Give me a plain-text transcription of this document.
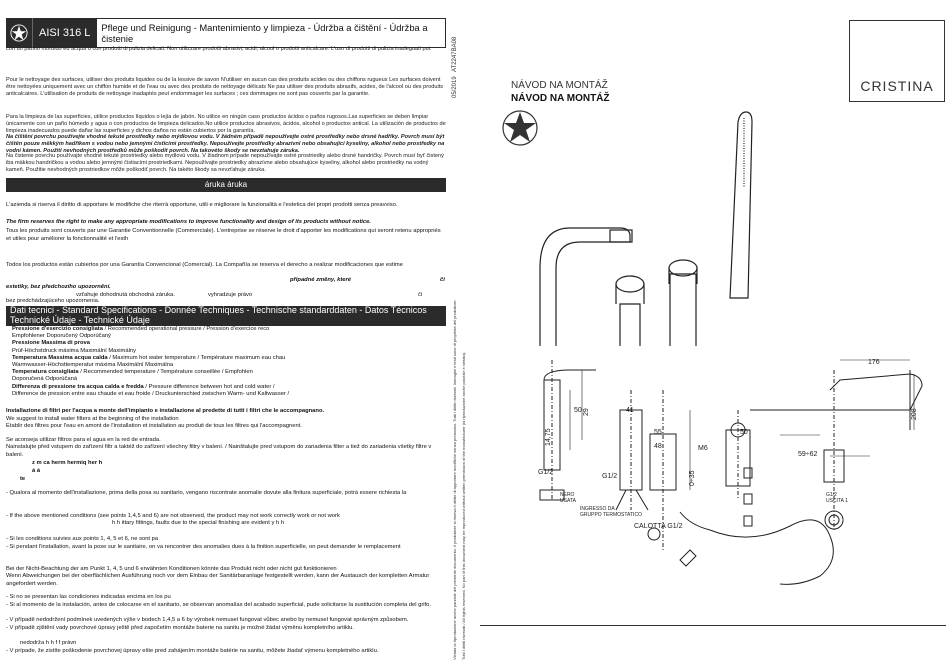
AISI 316 L	Pflege und Reinigung - Mantenimiento y limpieza - Údržba a čištění - Údržba a čistenie
con un panno morbido ed acqua o con prodotti di pulizia delicati. Non utilizzare prodotti abrasivi, acidi, alcool o prodotti anticalcare. L'uso di prodotti di pulizia inadeguati pui.
Pour le nettoyage des surfaces, utiliser des produits liquides ou de la lessive de savon N'utiliser en aucun cas des produits acides ou des chiffons rugueux Les surfaces doivent être nettoyées uniquement avec un chiffon humide et de l'eau ou avec des produits de nettoyage délicats Ne pas utiliser des produits abrasifs, acides, de l'alcool ou des produits anticalcaires. L'utilisation de produits de nettoyage inadaptés peut endommager les surfaces ; ces dommages ne sont pas couverts par la garantie.
Para la limpieza de las superficies, utilice productos líquidos o lejía de jabón. No utilice en ningún caso productos ácidos o paños rugosos.Las superficies se deben limpiar únicamente con un paño húmedo y agua o con productos de limpieza delicados.No utilice productos abrasivos, ácidos, alcohol o productos antical. La utilización de productos de limpieza inadecuados puede dañar las superficies y dichos daños no están cubiertos por la garantía.
Na čištění povrchu používejte vhodné tekuté prostředky nebo mýdlovou vodu. V žádném případě nepoužívejte ostré prostředky nebo drsné hadříky. Povrch musí být čištěn pouze měkkým hadříkem s vodou nebo jemnými čisticími prostředky. Nepoužívejte prostředky abrazivní nebo obsahující kyseliny, alkohol nebo prostředky na vodní kámen. Použití nevhodných prostředků může poškodit povrch. Na takovéto škody se nevztahuje záruka.
Na čistenie povrchu používajte vhodné tekuté prostriedky alebo mydlovú vodu. V žiadnom prípade nepoužívajte ostré prostriedky alebo drsné handričky. Povrch musí byť čistený iba mäkkou handričkou a vodou alebo jemnými čistiacimi prostriedkami. Nepoužívajte prostriedky abrazívne alebo obsahujúce kyseliny, alkohol alebo prostriedky na vodný kameň. Použitie nevhodných prostriedkov môže poškodiť povrch. Na takéto škody sa nevzťahuje záruka.
áruka áruka
L'azienda si riserva il diritto di apportare le modifiche che riterrà opportune, utili e migliorare la funzionalità e l'estetica dei propri prodotti senza preavviso.
The firm reserves the right to make any appropriate modifications to improve functionality and design of its products without notice.
Tous les produits sont couverts par une Garantie Conventionnelle (Commerciale). L'entreprise se réserve le droit d'apporter les modifications qui seront retenu appropriés et utiles pour améliorer la fonctionnalité et l'esth
Todos los productos están cubiertos por una Garantía Convencional (Comercial). La Compañía se reserva el derecho a realizar modificaciones que estime
připadné změny, které	či
estetiky, bez předchozího upozornění.
vzťahuje dohodnutá obchodná záruka.	vyhradzuje právo	či
bez predchádzajúceho upozornenia.
Dati tecnici - Standard Specifications - Donnée Techniques - Technische standarddaten - Datos Técnicos
Technické Údaje - Technické Údaje
Pressione d'esercizio consigliata / Recommended operational pressure / Pression d'exercice reco
Empfohlener Doporučený Odporúčaný
Pressione Massima di prova
Prüf-Höchstdruck máxima Maximální Maximálny
Temperatura Massima acqua calda / Maximum hot water temperature / Température maximum eau chau
Warmwasser-Höchsttemperatur máxima Maximální Maximálna
Temperatura consigliata / Recommended temperature / Température conseillée / Empfohlen
Doporučená Odporúčaná
Differenza di pressione tra acqua calda e fredda / Pressure difference between hot and cold water /
Difference de pression entre eau chaude et eau froide / Druckunterschied zwischen Warm- und Kaltwasser /
Installazione di filtri per l'acqua a monte dell'impianto e installazione al predette di tutti i filtri che le accompagnano.
We suggest to install water filters at the beginning of the installation
Etablir des filtres pour l'eau en amont de l'installation et installation au produit de tous les filtres qui l'accompagnent.
Se aconseja utilizar filtros para el agua en la red de entrada.
Nainstalujte před vstupem do zařízení filtr a taktéž do zařízení všechny filtry v balení. / Nainštalujte pred vstupom do zariadenia filter a tiež do zariadenia všetky filtre v balení.
z m ca herm hermiq her h
á á
te
- Qualora al momento dell'installazione, prima della posa su sanitario, vengano riscontrate anomalie dovute alla finitura superficiale, potrà essere richiesta la
- If the above mentioned conditions (see points 1,4,5 and 6) are not observed, the product may not work correctly work or not work
h h ittary fittings, faults due to the special finishing are evident y h h
- Si les conditions suivies aux points 1, 4, 5 et 6, ne sont pa
- Si pendant l'installation, avant la pose sur le sanitaire, on va rencontrer des anomalies dues à la finition superficielle, on peut demander le remplacement
Bei der Nicht-Beachtung der am Punkt 1, 4, 5 und 6 erwähnten Konditionen könnte das Produkt nicht oder nicht gut funktionieren
Wenn Abweichungen bei der oberflächlichen Ausführung noch vor dem Einbau der Sanitärbaranlage festgestellt werden, kann der Austausch der kompletten Armatur angefordert werden.
- Si no se presentan las condiciones indicadas encima en los pu
- Si al momento de la instalación, antes de colocarse en el sanitario, se observan anomalías del acabado superficial, pude solicitarse la sustitución completa del grifo.
- V případě nedodržení podmínek uvedených výše v bodech 1,4,5 a 6 by výrobek nemusel fungovat vůbec anebo by nemusel fungovat správným způsobem.
- V případě zjištění vady povrchové úpravy ještě před započetím montáže baterie na sanitu je možné žádat výměnu kompletního artiklu.
nedodrža h h f f právn
- V prípade, že zistíte poškodenie povrchovej úpravy ešte pred zahájením montáže batérie na sanitu, môžete žiadať výmenu kompletného artiklu.
05/2019
AT2247BA08
Vietata la riproduzione anche parziale del presente documento. Il produttore si riserva il diritto di apportare modifiche senza preavviso. Tutti i diritti riservati. Immagini e testi sono di proprietà del produttore. Tutti i diritti riservati / All rights reserved. No part of this document may be reproduced without written permission of the manufacturer (la riproduzione anche parziale è vietata).
NÁVOD NA MONTÁŽ
NÁVOD NA MONTÁŽ
CRISTINA
50
14,75
29	41
55
48	M6
G1/2	0÷35
50
59÷62
176
208
G1/2
NERO USATA
INGRESSO DA GRUPPO TERMOSTATICO
CALOTTA G1/2
G1/2 USCITA 1
